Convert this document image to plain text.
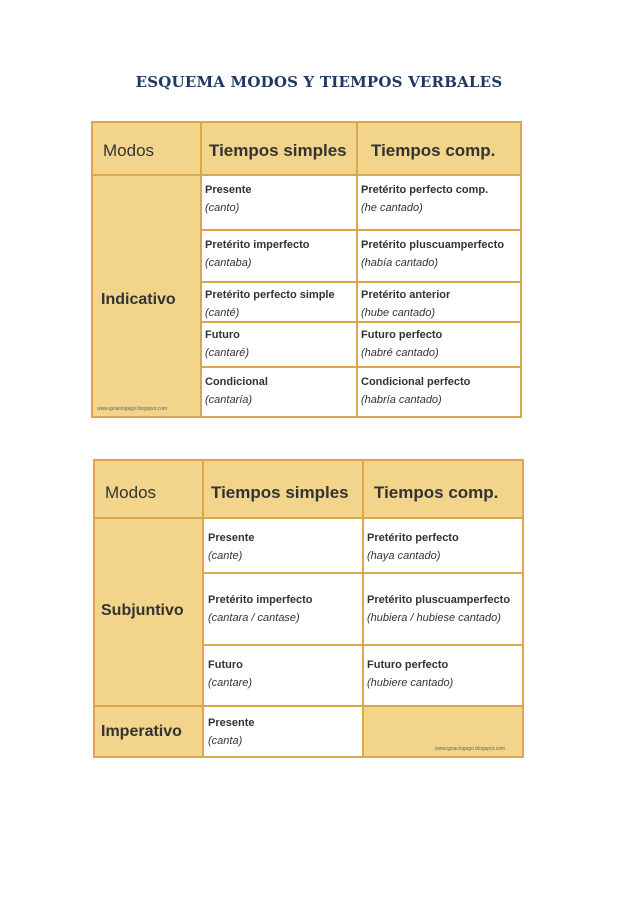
ESQUEMA MODOS Y TIEMPOS VERBALES
Modos	Tiempos simples Tiempos comp.
Indicativo
Presente
(canto)
Pretérito perfecto comp.
(he cantado)
Pretérito imperfecto
(cantaba)
Pretérito pluscuamperfecto
(había cantado)
Pretérito perfecto simple
(canté)
Pretérito anterior
(hube cantado)
Futuro
(cantaré)
Futuro perfecto
(habré cantado)
Condicional
(cantaría)
Condicional perfecto
(habría cantado)
www.ignaciogago.blogspot.com
Modos	Tiempos simples Tiempos comp.
Subjuntivo
Imperativo
Presente
(cante)
Pretérito perfecto
(haya cantado)
Pretérito imperfecto
(cantara / cantase)
Pretérito pluscuamperfecto
(hubiera / hubiese cantado)
Futuro
(cantare)
Futuro perfecto
(hubiere cantado)
Presente
(canta)
www.ignaciogago.blogspot.com
